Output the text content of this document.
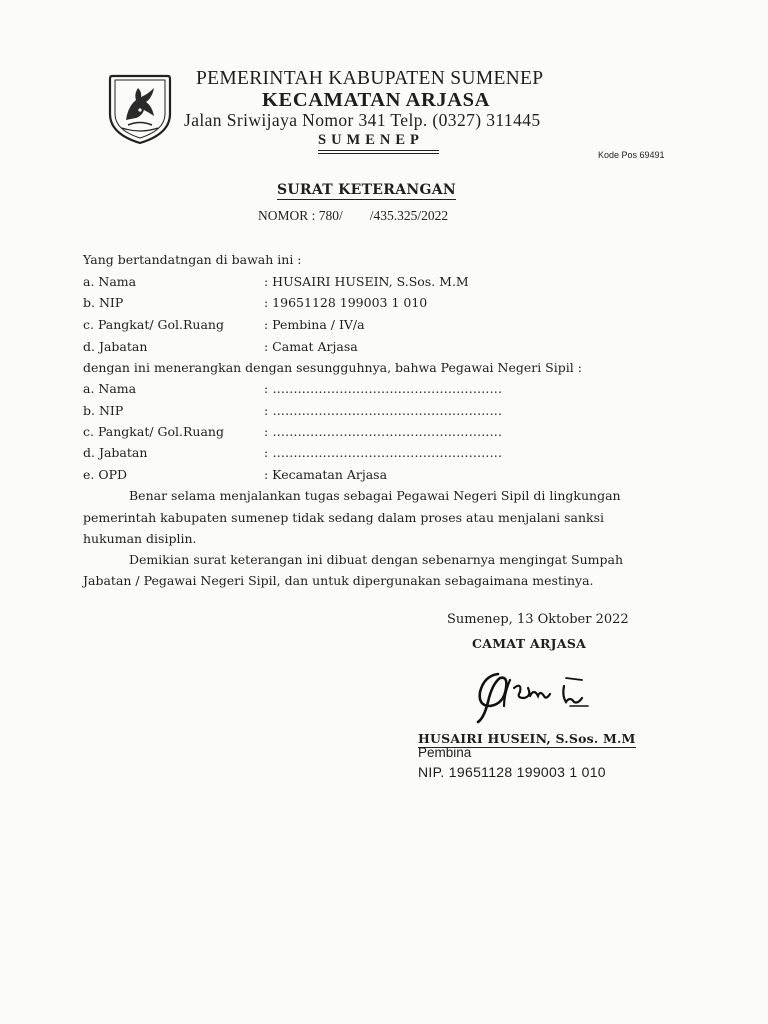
PEMERINTAH KABUPATEN SUMENEP
KECAMATAN ARJASA
Jalan Sriwijaya Nomor 341 Telp. (0327) 311445
SUMENEP
Kode Pos 69491
SURAT KETERANGAN
NOMOR : 780/        /435.325/2022
Yang bertandatngan di bawah ini :
a. Nama	: HUSAIRI HUSEIN, S.Sos. M.M
b. NIP	: 19651128 199003 1 010
c. Pangkat/ Gol.Ruang	: Pembina / IV/a
d. Jabatan	: Camat Arjasa
dengan ini menerangkan dengan sesungguhnya, bahwa Pegawai Negeri Sipil :
a. Nama	: .......................................................
b. NIP	: .......................................................
c. Pangkat/ Gol.Ruang	: .......................................................
d. Jabatan	: .......................................................
e. OPD	: Kecamatan Arjasa
Benar selama menjalankan tugas sebagai Pegawai Negeri Sipil di lingkungan
pemerintah kabupaten sumenep tidak sedang dalam proses atau menjalani sanksi
hukuman disiplin.
Demikian surat keterangan ini dibuat dengan sebenarnya mengingat Sumpah
Jabatan / Pegawai Negeri Sipil, dan untuk dipergunakan sebagaimana mestinya.
Sumenep, 13 Oktober 2022
CAMAT ARJASA
HUSAIRI HUSEIN, S.Sos. M.M
Pembina
NIP. 19651128 199003 1 010
